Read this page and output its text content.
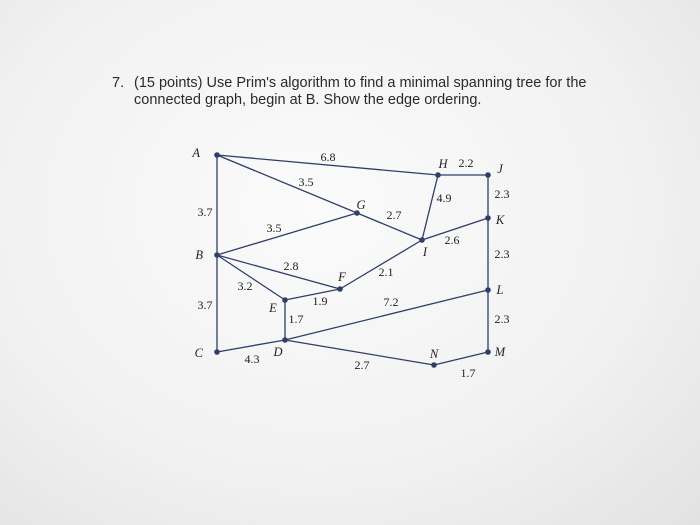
7. (15 points) Use Prim's algorithm to find a minimal spanning tree for the
connected graph, begin at B. Show the edge ordering.
6.8
3.5
3.7
3.5
2.8
3.2
3.7
4.3
1.7
1.9
2.1
2.7
4.9
2.2
2.3
2.6
2.3
7.2
2.3
1.7
2.7
A
B
C	D
E
F
G
H
I
J
K
L
M
N
